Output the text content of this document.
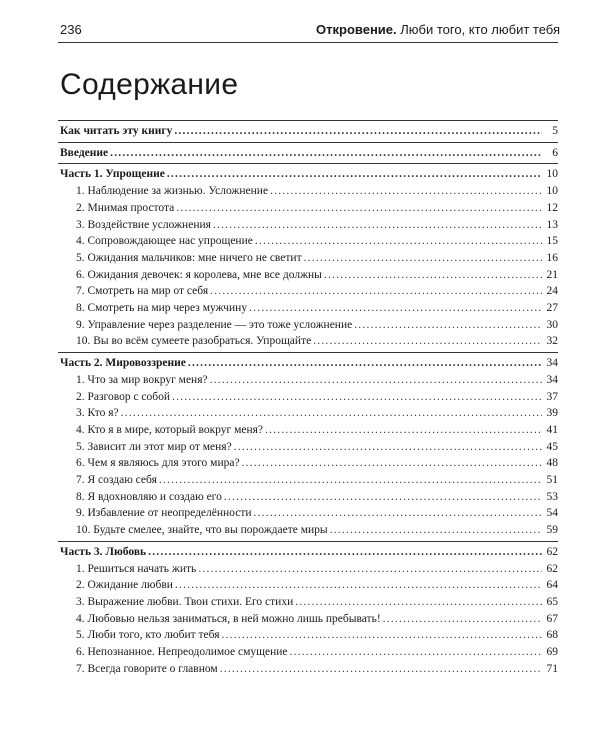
236	Откровение. Люби того, кто любит тебя
Содержание
Как читать эту книгу .....	5
Введение .....	6
Часть 1. Упрощение .....	10
1. Наблюдение за жизнью. Усложнение .....	10
2. Мнимая простота .....	12
3. Воздействие усложнения .....	13
4. Сопровождающее нас упрощение .....	15
5. Ожидания мальчиков: мне ничего не светит .....	16
6. Ожидания девочек: я королева, мне все должны .....	21
7. Смотреть на мир от себя .....	24
8. Смотреть на мир через мужчину .....	27
9. Управление через разделение — это тоже усложнение .....	30
10. Вы во всём сумеете разобраться. Упрощайте .....	32
Часть 2. Мировоззрение .....	34
1. Что за мир вокруг меня? .....	34
2. Разговор с собой .....	37
3. Кто я? .....	39
4. Кто я в мире, который вокруг меня? .....	41
5. Зависит ли этот мир от меня? .....	45
6. Чем я являюсь для этого мира? .....	48
7. Я создаю себя .....	51
8. Я вдохновляю и создаю его .....	53
9. Избавление от неопределённости .....	54
10. Будьте смелее, знайте, что вы порождаете миры .....	59
Часть 3. Любовь .....	62
1. Решиться начать жить .....	62
2. Ожидание любви .....	64
3. Выражение любви. Твои стихи. Его стихи .....	65
4. Любовью нельзя заниматься, в ней можно лишь пребывать! .....	67
5. Люби того, кто любит тебя .....	68
6. Непознанное. Непреодолимое смущение .....	69
7. Всегда говорите о главном .....	71
